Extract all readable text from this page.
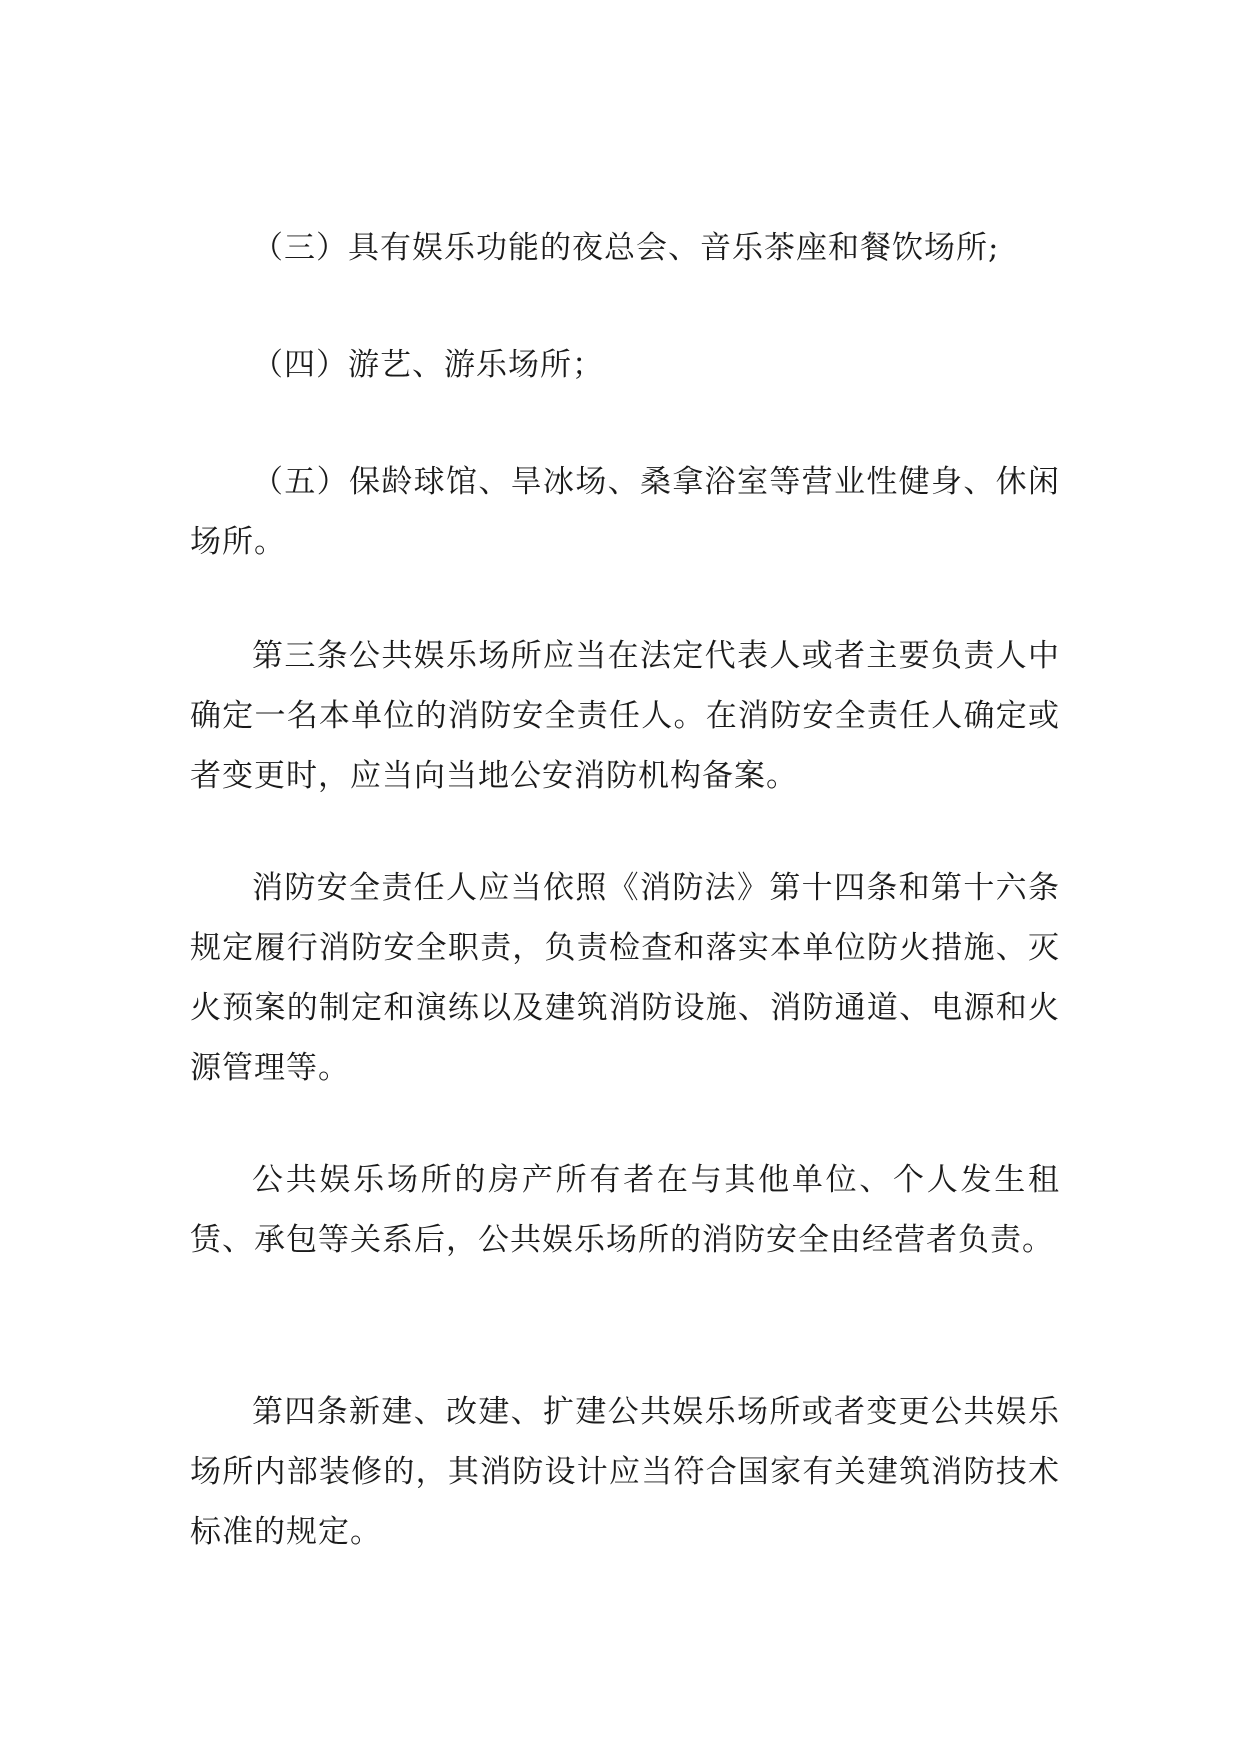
（三）具有娱乐功能的夜总会、音乐茶座和餐饮场所;

（四）游艺、游乐场所；

（五）保龄球馆、旱冰场、桑拿浴室等营业性健身、休闲场所。

第三条公共娱乐场所应当在法定代表人或者主要负责人中确定一名本单位的消防安全责任人。在消防安全责任人确定或者变更时，应当向当地公安消防机构备案。

消防安全责任人应当依照《消防法》第十四条和第十六条规定履行消防安全职责，负责检查和落实本单位防火措施、灭火预案的制定和演练以及建筑消防设施、消防通道、电源和火源管理等。

公共娱乐场所的房产所有者在与其他单位、个人发生租赁、承包等关系后，公共娱乐场所的消防安全由经营者负责。

第四条新建、改建、扩建公共娱乐场所或者变更公共娱乐场所内部装修的，其消防设计应当符合国家有关建筑消防技术标准的规定。
